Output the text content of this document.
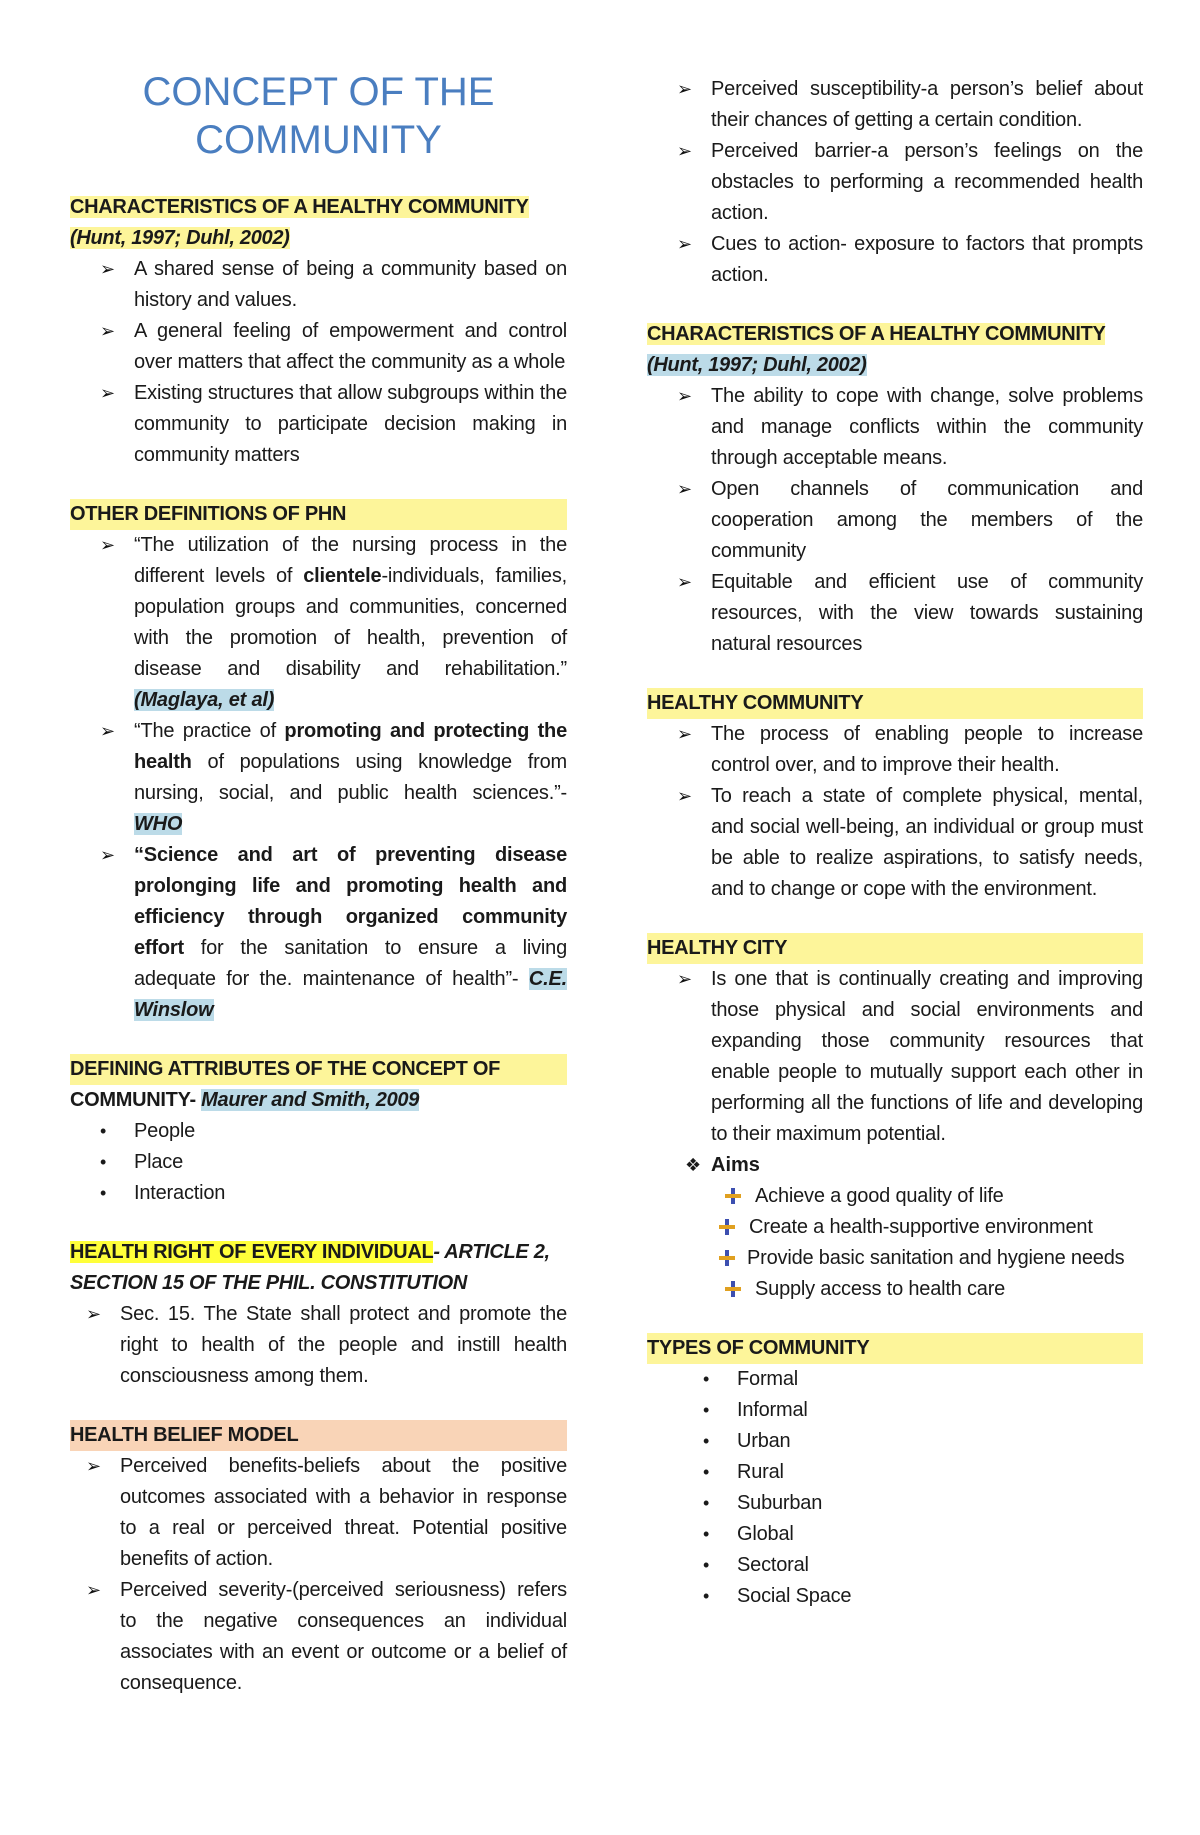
CONCEPT OF THE
COMMUNITY
CHARACTERISTICS OF A HEALTHY COMMUNITY
(Hunt, 1997; Duhl, 2002)
➢ A shared sense of being a community based on history and values.
➢ A general feeling of empowerment and control over matters that affect the community as a whole
➢ Existing structures that allow subgroups within the community to participate decision making in community matters
OTHER DEFINITIONS OF PHN
➢ “The utilization of the nursing process in the different levels of clientele-individuals, families, population groups and communities, concerned with the promotion of health, prevention of disease and disability and rehabilitation.” (Maglaya, et al)
➢ “The practice of promoting and protecting the health of populations using knowledge from nursing, social, and public health sciences.”- WHO
➢ “Science and art of preventing disease prolonging life and promoting health and efficiency through organized community effort for the sanitation to ensure a living adequate for the. maintenance of health”- C.E. Winslow
DEFINING ATTRIBUTES OF THE CONCEPT OF
COMMUNITY- Maurer and Smith, 2009
• People
• Place
• Interaction
HEALTH RIGHT OF EVERY INDIVIDUAL- ARTICLE 2, SECTION 15 OF THE PHIL. CONSTITUTION
➢ Sec. 15. The State shall protect and promote the right to health of the people and instill health consciousness among them.
HEALTH BELIEF MODEL
➢ Perceived benefits-beliefs about the positive outcomes associated with a behavior in response to a real or perceived threat. Potential positive benefits of action.
➢ Perceived severity-(perceived seriousness) refers to the negative consequences an individual associates with an event or outcome or a belief of consequence.
➢ Perceived susceptibility-a person’s belief about their chances of getting a certain condition.
➢ Perceived barrier-a person’s feelings on the obstacles to performing a recommended health action.
➢ Cues to action- exposure to factors that prompts action.
CHARACTERISTICS OF A HEALTHY COMMUNITY (Hunt, 1997; Duhl, 2002)
➢ The ability to cope with change, solve problems and manage conflicts within the community through acceptable means.
➢ Open channels of communication and cooperation among the members of the community
➢ Equitable and efficient use of community resources, with the view towards sustaining natural resources
HEALTHY COMMUNITY
➢ The process of enabling people to increase control over, and to improve their health.
➢ To reach a state of complete physical, mental, and social well-being, an individual or group must be able to realize aspirations, to satisfy needs, and to change or cope with the environment.
HEALTHY CITY
➢ Is one that is continually creating and improving those physical and social environments and expanding those community resources that enable people to mutually support each other in performing all the functions of life and developing to their maximum potential.
❖ Aims
Achieve a good quality of life
Create a health-supportive environment
Provide basic sanitation and hygiene needs
Supply access to health care
TYPES OF COMMUNITY
• Formal
• Informal
• Urban
• Rural
• Suburban
• Global
• Sectoral
• Social Space
